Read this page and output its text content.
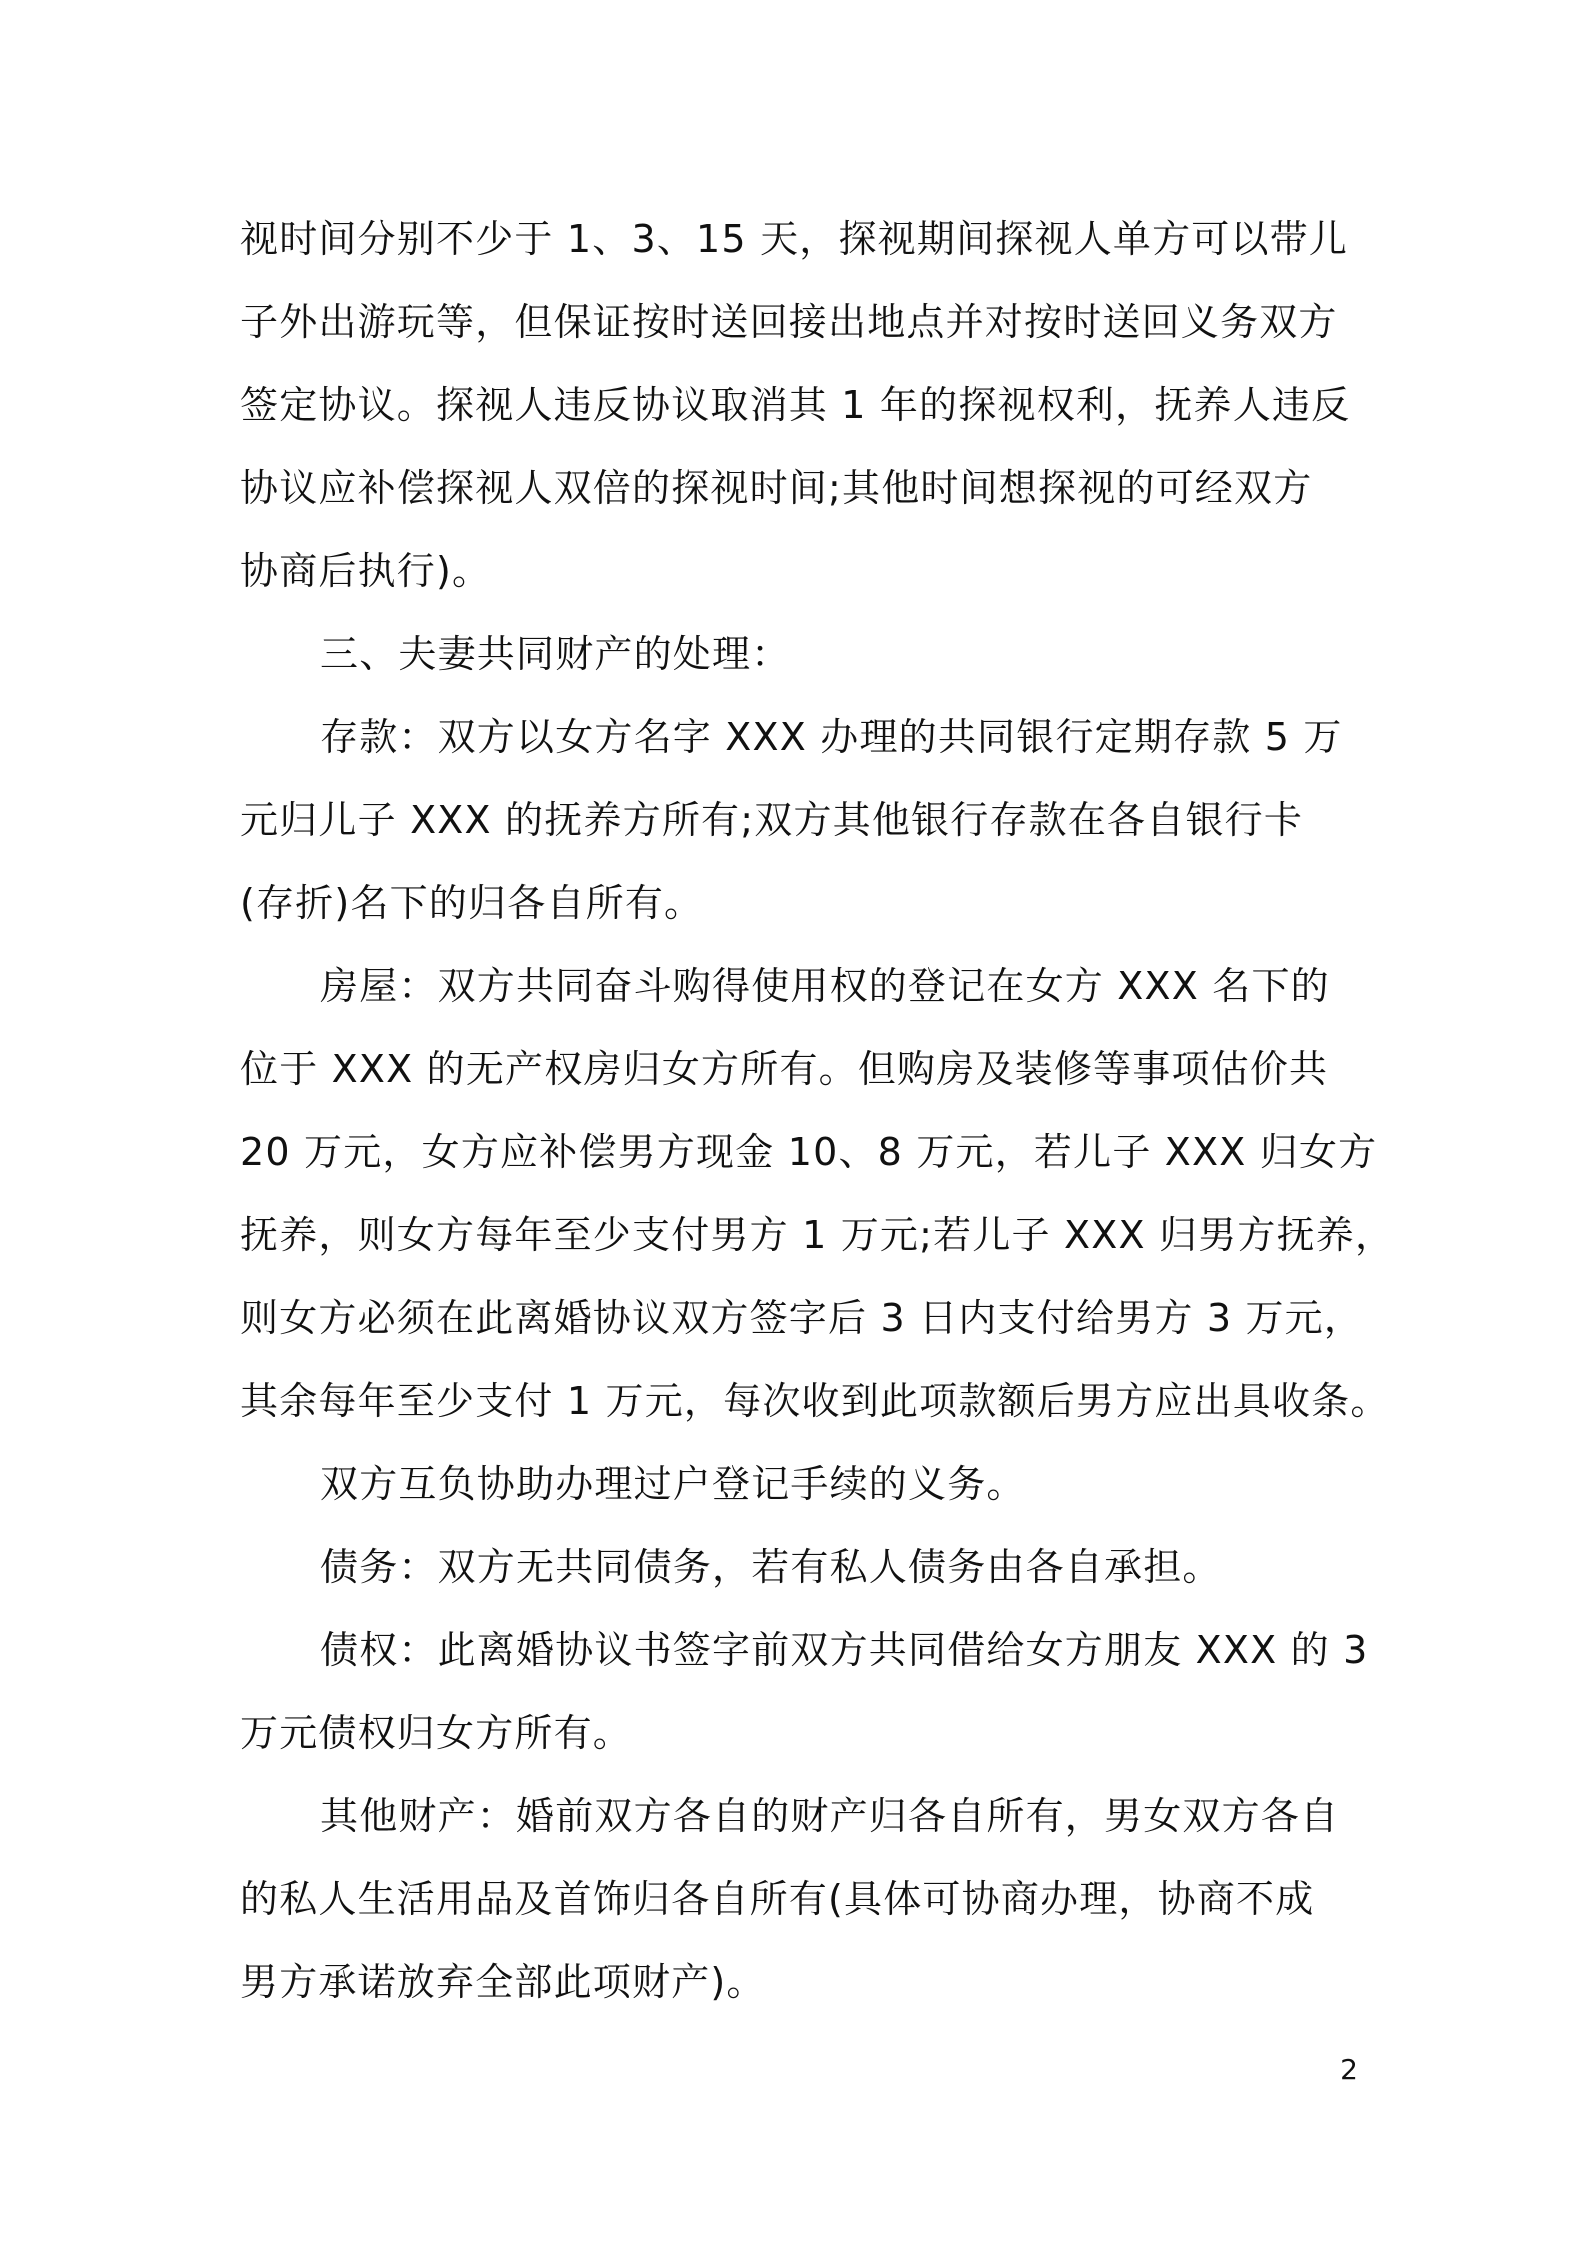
视时间分别不少于 1、3、15 天，探视期间探视人单方可以带儿
子外出游玩等，但保证按时送回接出地点并对按时送回义务双方
签定协议。探视人违反协议取消其 1 年的探视权利，抚养人违反
协议应补偿探视人双倍的探视时间;其他时间想探视的可经双方
协商后执行)。
三、夫妻共同财产的处理：
存款：双方以女方名字 XXX 办理的共同银行定期存款 5 万
元归儿子 XXX 的抚养方所有;双方其他银行存款在各自银行卡
(存折)名下的归各自所有。
房屋：双方共同奋斗购得使用权的登记在女方 XXX 名下的
位于 XXX 的无产权房归女方所有。但购房及装修等事项估价共
20 万元，女方应补偿男方现金 10、8 万元，若儿子 XXX 归女方
抚养，则女方每年至少支付男方 1 万元;若儿子 XXX 归男方抚养，
则女方必须在此离婚协议双方签字后 3 日内支付给男方 3 万元，
其余每年至少支付 1 万元，每次收到此项款额后男方应出具收条。
双方互负协助办理过户登记手续的义务。
债务：双方无共同债务，若有私人债务由各自承担。
债权：此离婚协议书签字前双方共同借给女方朋友 XXX 的 3
万元债权归女方所有。
其他财产：婚前双方各自的财产归各自所有，男女双方各自
的私人生活用品及首饰归各自所有(具体可协商办理，协商不成
男方承诺放弃全部此项财产)。
2
